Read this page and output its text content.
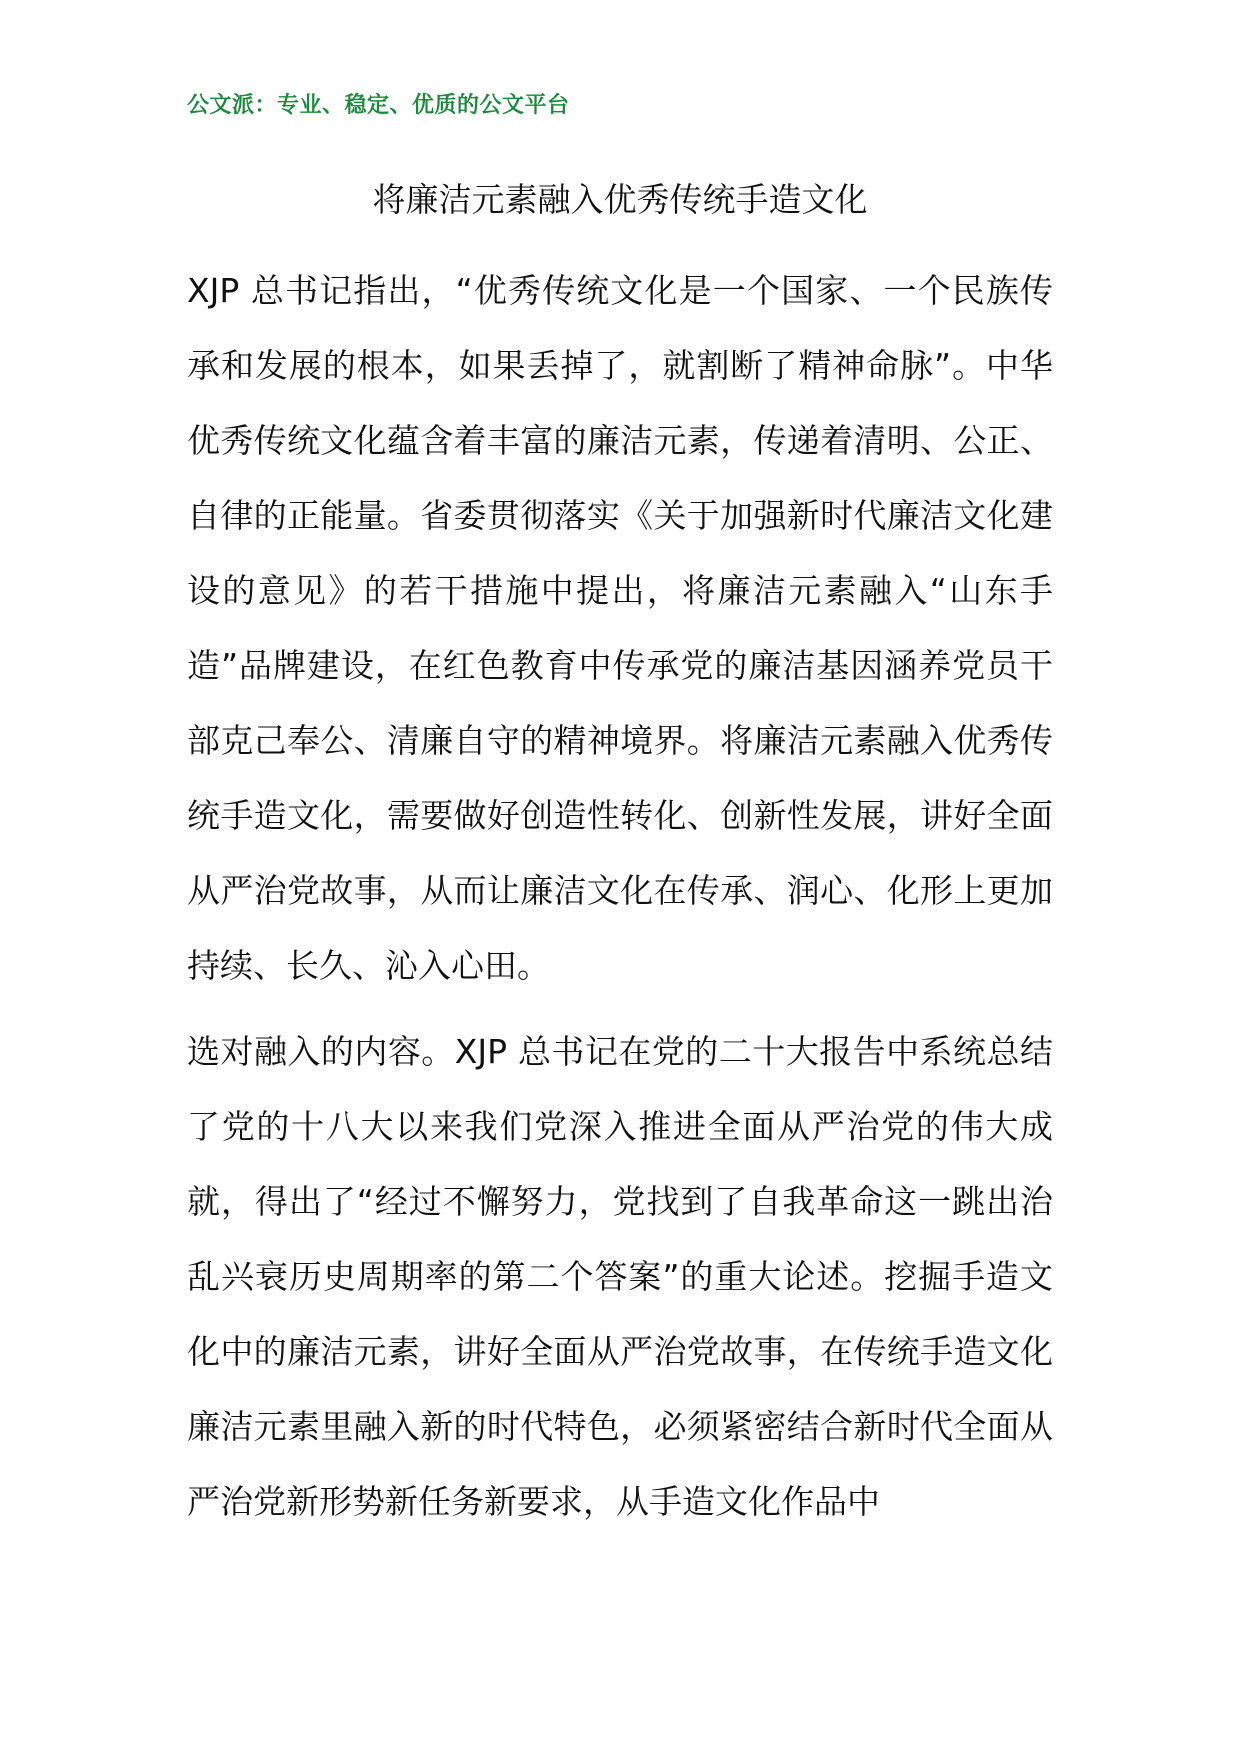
公文派：专业、稳定、优质的公文平台
将廉洁元素融入优秀传统手造文化
XJP 总书记指出，“优秀传统文化是一个国家、一个民族传承和发展的根本，如果丢掉了，就割断了精神命脉”。中华优秀传统文化蕴含着丰富的廉洁元素，传递着清明、公正、自律的正能量。省委贯彻落实《关于加强新时代廉洁文化建设的意见》的若干措施中提出，将廉洁元素融入“山东手造”品牌建设，在红色教育中传承党的廉洁基因涵养党员干部克己奉公、清廉自守的精神境界。将廉洁元素融入优秀传统手造文化，需要做好创造性转化、创新性发展，讲好全面从严治党故事，从而让廉洁文化在传承、润心、化形上更加持续、长久、沁入心田。
选对融入的内容。XJP 总书记在党的二十大报告中系统总结了党的十八大以来我们党深入推进全面从严治党的伟大成就，得出了“经过不懈努力，党找到了自我革命这一跳出治乱兴衰历史周期率的第二个答案”的重大论述。挖掘手造文化中的廉洁元素，讲好全面从严治党故事，在传统手造文化廉洁元素里融入新的时代特色，必须紧密结合新时代全面从严治党新形势新任务新要求，从手造文化作品中
